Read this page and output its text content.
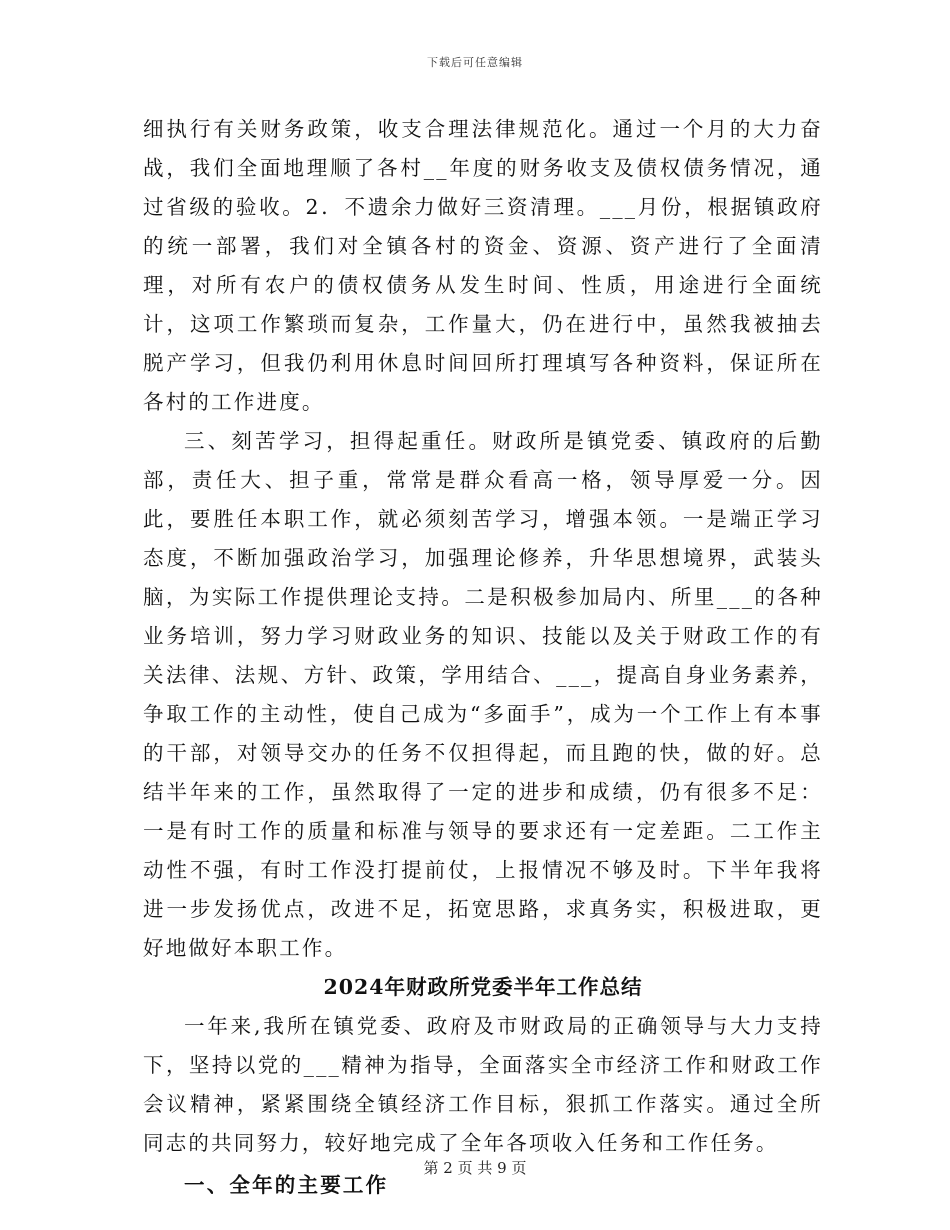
下载后可任意编辑

细执行有关财务政策，收支合理法律规范化。通过一个月的大力奋战，我们全面地理顺了各村__年度的财务收支及债权债务情况，通过省级的验收。2．不遗余力做好三资清理。___月份，根据镇政府的统一部署，我们对全镇各村的资金、资源、资产进行了全面清理，对所有农户的债权债务从发生时间、性质，用途进行全面统计，这项工作繁琐而复杂，工作量大，仍在进行中，虽然我被抽去脱产学习，但我仍利用休息时间回所打理填写各种资料，保证所在各村的工作进度。

三、刻苦学习，担得起重任。财政所是镇党委、镇政府的后勤部，责任大、担子重，常常是群众看高一格，领导厚爱一分。因此，要胜任本职工作，就必须刻苦学习，增强本领。一是端正学习态度，不断加强政治学习，加强理论修养，升华思想境界，武装头脑，为实际工作提供理论支持。二是积极参加局内、所里___的各种业务培训，努力学习财政业务的知识、技能以及关于财政工作的有关法律、法规、方针、政策，学用结合、___，提高自身业务素养，争取工作的主动性，使自己成为“多面手”，成为一个工作上有本事的干部，对领导交办的任务不仅担得起，而且跑的快，做的好。总结半年来的工作，虽然取得了一定的进步和成绩，仍有很多不足：一是有时工作的质量和标准与领导的要求还有一定差距。二工作主动性不强，有时工作没打提前仗，上报情况不够及时。下半年我将进一步发扬优点，改进不足，拓宽思路，求真务实，积极进取，更好地做好本职工作。

2024年财政所党委半年工作总结

一年来,我所在镇党委、政府及市财政局的正确领导与大力支持下，坚持以党的___精神为指导，全面落实全市经济工作和财政工作会议精神，紧紧围绕全镇经济工作目标，狠抓工作落实。通过全所同志的共同努力，较好地完成了全年各项收入任务和工作任务。

一、全年的主要工作
第 2 页 共 9 页
